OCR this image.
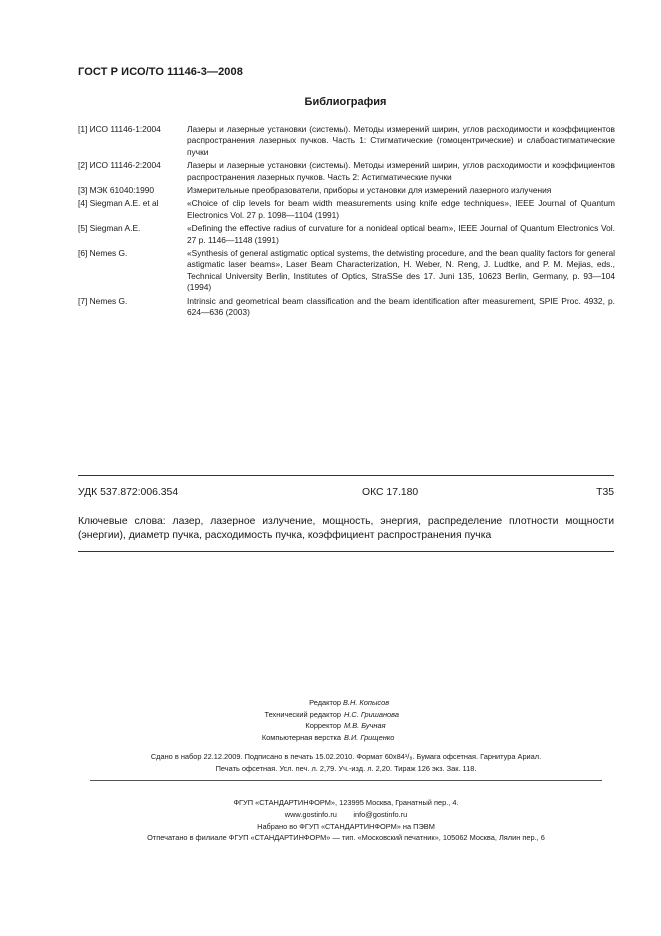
ГОСТ Р ИСО/ТО 11146-3—2008
Библиография
[1] ИСО 11146-1:2004	Лазеры и лазерные установки (системы). Методы измерений ширин, углов расходимости и коэффициентов распространения лазерных пучков. Часть 1: Стигматические (гомоцентрические) и слабоастигматические пучки
[2] ИСО 11146-2:2004	Лазеры и лазерные установки (системы). Методы измерений ширин, углов расходимости и коэффициентов распространения лазерных пучков. Часть 2: Астигматические пучки
[3] МЭК 61040:1990	Измерительные преобразователи, приборы и установки для измерений лазерного излучения
[4] Siegman A.E. et al	«Choice of clip levels for beam width measurements using knife edge techniques», IEEE Journal of Quantum Electronics Vol. 27 p. 1098—1104 (1991)
[5] Siegman A.E.	«Defining the effective radius of curvature for a nonideal optical beam», IEEE Journal of Quantum Electronics Vol. 27 p. 1146—1148 (1991)
[6] Nemes G.	«Synthesis of general astigmatic optical systems, the detwisting procedure, and the bean quality factors for general astigmatic laser beams», Laser Beam Characterization, H. Weber, N. Reng, J. Ludtke, and P. M. Mejias, eds., Technical University Berlin, Institutes of Optics, StraSSe des 17. Juni 135, 10623 Berlin, Germany, p. 93—104 (1994)
[7] Nemes G.	Intrinsic and geometrical beam classification and the beam identification after measurement, SPIE Proc. 4932, p. 624—636 (2003)
УДК 537.872:006.354	ОКС 17.180	Т35
Ключевые слова: лазер, лазерное излучение, мощность, энергия, распределение плотности мощности (энергии), диаметр пучка, расходимость пучка, коэффициент распространения пучка
Редактор В.Н. Копысов
Технический редактор Н.С. Гришанова
Корректор М.В. Бучная
Компьютерная верстка В.И. Грищенко
Сдано в набор 22.12.2009. Подписано в печать 15.02.2010. Формат 60x84¹/₈. Бумага офсетная. Гарнитура Ариал.
Печать офсетная. Усл. печ. л. 2,79. Уч.-изд. л. 2,20. Тираж 126 экз. Зак. 118.
ФГУП «СТАНДАРТИНФОРМ», 123995 Москва, Гранатный пер., 4.
www.gostinfo.ru        info@gostinfo.ru
Набрано во ФГУП «СТАНДАРТИНФОРМ» на ПЭВМ
Отпечатано в филиале ФГУП «СТАНДАРТИНФОРМ» — тип. «Московский печатник», 105062 Москва, Лялин пер., 6
